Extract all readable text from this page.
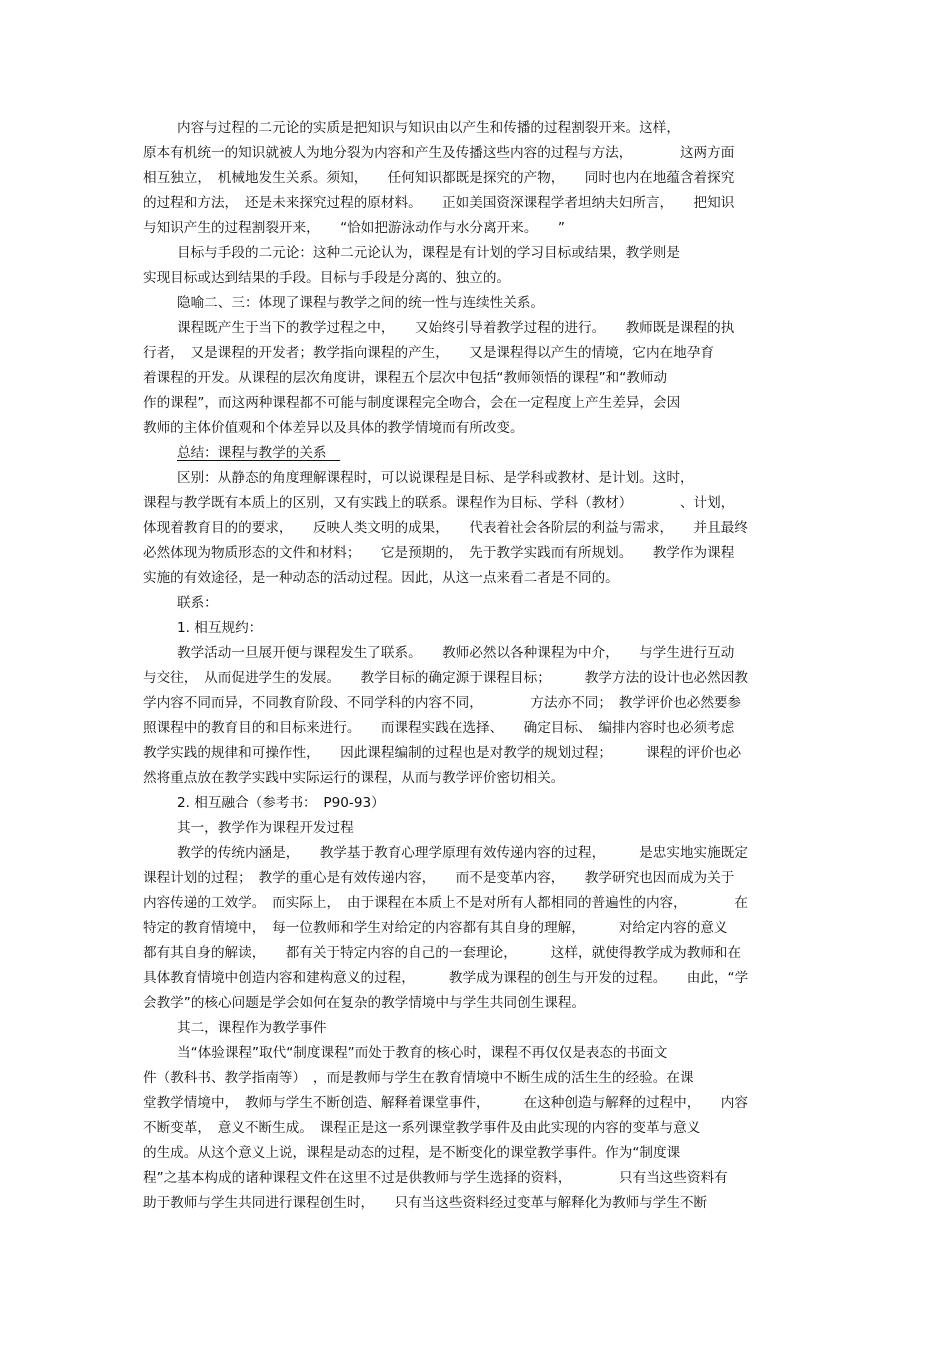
内容与过程的二元论的实质是把知识与知识由以产生和传播的过程割裂开来。这样，
原本有机统一的知识就被人为地分裂为内容和产生及传播这些内容的过程与方法，　　　　这两方面
相互独立，　机械地发生关系。须知，　　任何知识都既是探究的产物，　　同时也内在地蕴含着探究
的过程和方法，　还是未来探究过程的原材料。　　正如美国资深课程学者坦纳夫妇所言，　　把知识
与知识产生的过程割裂开来，　　“恰如把游泳动作与水分离开来。　　”
目标与手段的二元论：这种二元论认为，课程是有计划的学习目标或结果，教学则是
实现目标或达到结果的手段。目标与手段是分离的、独立的。
隐喻二、三：体现了课程与教学之间的统一性与连续性关系。
课程既产生于当下的教学过程之中，　　又始终引导着教学过程的进行。　　教师既是课程的执
行者，　又是课程的开发者；教学指向课程的产生，　　又是课程得以产生的情境，它内在地孕育
着课程的开发。从课程的层次角度讲，课程五个层次中包括“教师领悟的课程”和“教师动
作的课程”，而这两种课程都不可能与制度课程完全吻合，会在一定程度上产生差异，会因
教师的主体价值观和个体差异以及具体的教学情境而有所改变。
总结：课程与教学的关系　
区别：从静态的角度理解课程时，可以说课程是目标、是学科或教材、是计划。这时，
课程与教学既有本质上的区别，又有实践上的联系。课程作为目标、学科（教材）　　　　、计划，
体现着教育目的的要求，　　反映人类文明的成果，　　代表着社会各阶层的利益与需求，　　并且最终
必然体现为物质形态的文件和材料；　　它是预期的，　先于教学实践而有所规划。　　教学作为课程
实施的有效途径，是一种动态的活动过程。因此，从这一点来看二者是不同的。
联系：
1. 相互规约：
教学活动一旦展开便与课程发生了联系。　　教师必然以各种课程为中介，　　与学生进行互动
与交往，　从而促进学生的发展。　　教学目标的确定源于课程目标；　　　教学方法的设计也必然因教
学内容不同而异，不同教育阶段、不同学科的内容不同，　　　　方法亦不同；　教学评价也必然要参
照课程中的教育目的和目标来进行。　　而课程实践在选择、　　确定目标、　编排内容时也必须考虑
教学实践的规律和可操作性，　　因此课程编制的过程也是对教学的规划过程；　　　课程的评价也必
然将重点放在教学实践中实际运行的课程，从而与教学评价密切相关。
2. 相互融合（参考书：　P90-93）
其一，教学作为课程开发过程
教学的传统内涵是，　　教学基于教育心理学原理有效传递内容的过程，　　　是忠实地实施既定
课程计划的过程；　教学的重心是有效传递内容，　　而不是变革内容，　　教学研究也因而成为关于
内容传递的工效学。　而实际上，　由于课程在本质上不是对所有人都相同的普遍性的内容，　　　　在
特定的教育情境中，　每一位教师和学生对给定的内容都有其自身的理解，　　　对给定内容的意义
都有其自身的解读，　　都有关于特定内容的自己的一套理论，　　　这样，就使得教学成为教师和在
具体教育情境中创造内容和建构意义的过程，　　　教学成为课程的创生与开发的过程。　　由此，“学
会教学”的核心问题是学会如何在复杂的教学情境中与学生共同创生课程。
其二，课程作为教学事件
当“体验课程”取代“制度课程”而处于教育的核心时，课程不再仅仅是表态的书面文
件（教科书、教学指南等）　，而是教师与学生在教育情境中不断生成的活生生的经验。在课
堂教学情境中，　教师与学生不断创造、解释着课堂事件，　　　在这种创造与解释的过程中，　　内容
不断变革，　意义不断生成。　课程正是这一系列课堂教学事件及由此实现的内容的变革与意义
的生成。从这个意义上说，课程是动态的过程，是不断变化的课堂教学事件。作为“制度课
程”之基本构成的诸种课程文件在这里不过是供教师与学生选择的资料，　　　　只有当这些资料有
助于教师与学生共同进行课程创生时，　　只有当这些资料经过变革与解释化为教师与学生不断
